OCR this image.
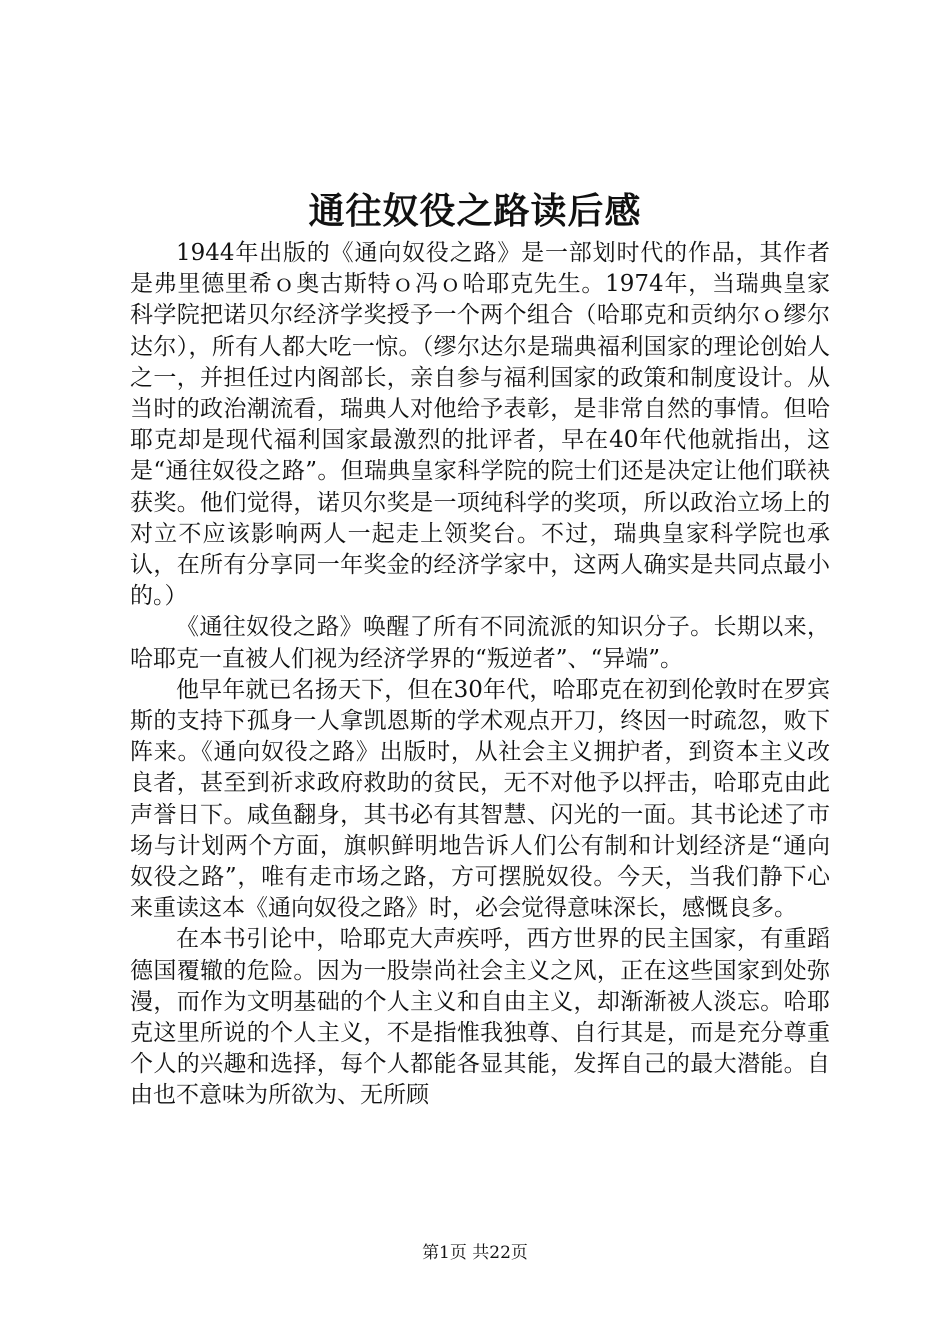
通往奴役之路读后感

1944年出版的《通向奴役之路》是一部划时代的作品，其作者是弗里德里希ｏ奥古斯特ｏ冯ｏ哈耶克先生。1974年，当瑞典皇家科学院把诺贝尔经济学奖授予一个两个组合（哈耶克和贡纳尔ｏ缪尔达尔），所有人都大吃一惊。（缪尔达尔是瑞典福利国家的理论创始人之一，并担任过内阁部长，亲自参与福利国家的政策和制度设计。从当时的政治潮流看，瑞典人对他给予表彰，是非常自然的事情。但哈耶克却是现代福利国家最激烈的批评者，早在40年代他就指出，这是“通往奴役之路”。但瑞典皇家科学院的院士们还是决定让他们联袂获奖。他们觉得，诺贝尔奖是一项纯科学的奖项，所以政治立场上的对立不应该影响两人一起走上领奖台。不过，瑞典皇家科学院也承认，在所有分享同一年奖金的经济学家中，这两人确实是共同点最小的。）

《通往奴役之路》唤醒了所有不同流派的知识分子。长期以来，哈耶克一直被人们视为经济学界的“叛逆者”、“异端”。

他早年就已名扬天下，但在30年代，哈耶克在初到伦敦时在罗宾斯的支持下孤身一人拿凯恩斯的学术观点开刀，终因一时疏忽，败下阵来。《通向奴役之路》出版时，从社会主义拥护者，到资本主义改良者，甚至到祈求政府救助的贫民，无不对他予以抨击，哈耶克由此声誉日下。咸鱼翻身，其书必有其智慧、闪光的一面。其书论述了市场与计划两个方面，旗帜鲜明地告诉人们公有制和计划经济是“通向奴役之路”，唯有走市场之路，方可摆脱奴役。今天，当我们静下心来重读这本《通向奴役之路》时，必会觉得意味深长，感慨良多。

在本书引论中，哈耶克大声疾呼，西方世界的民主国家，有重蹈德国覆辙的危险。因为一股崇尚社会主义之风，正在这些国家到处弥漫，而作为文明基础的个人主义和自由主义，却渐渐被人淡忘。哈耶克这里所说的个人主义，不是指惟我独尊、自行其是，而是充分尊重个人的兴趣和选择，每个人都能各显其能，发挥自己的最大潜能。自由也不意味为所欲为、无所顾

第1页 共22页
